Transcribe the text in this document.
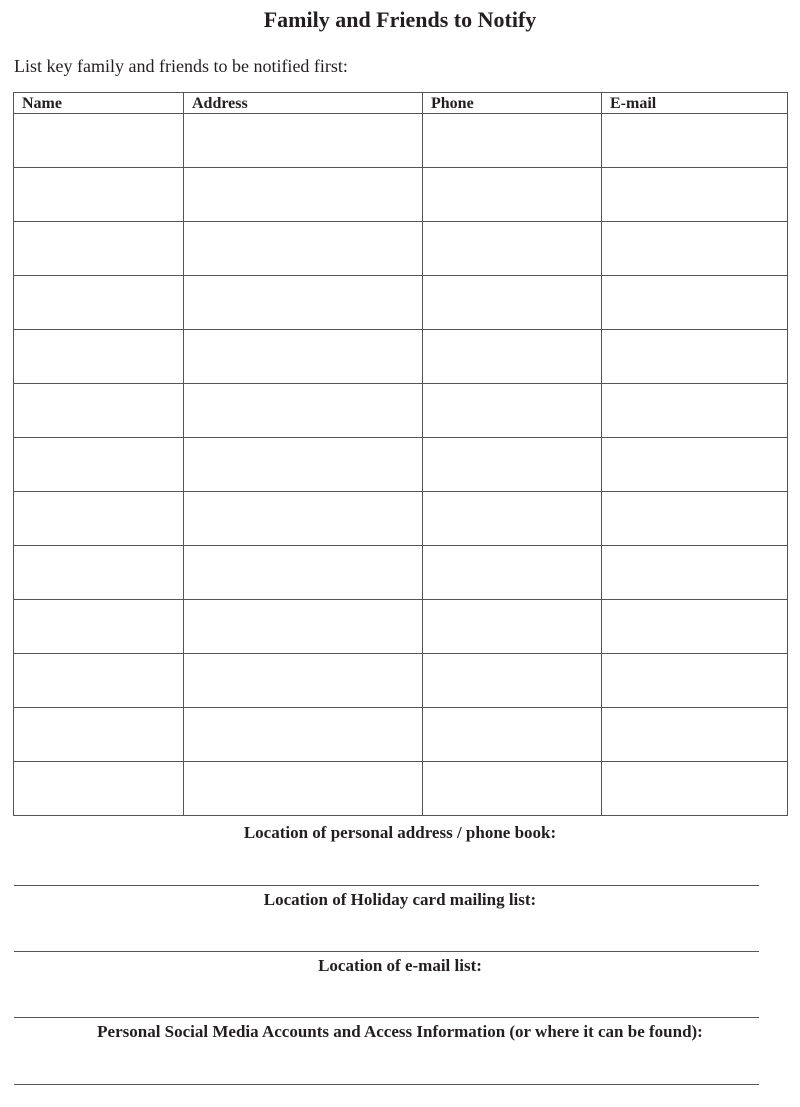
Family and Friends to Notify
List key family and friends to be notified first:
Name	Address	Phone	E-mail

Location of personal address / phone book:
Location of Holiday card mailing list:
Location of e-mail list:
Personal Social Media Accounts and Access Information (or where it can be found):
